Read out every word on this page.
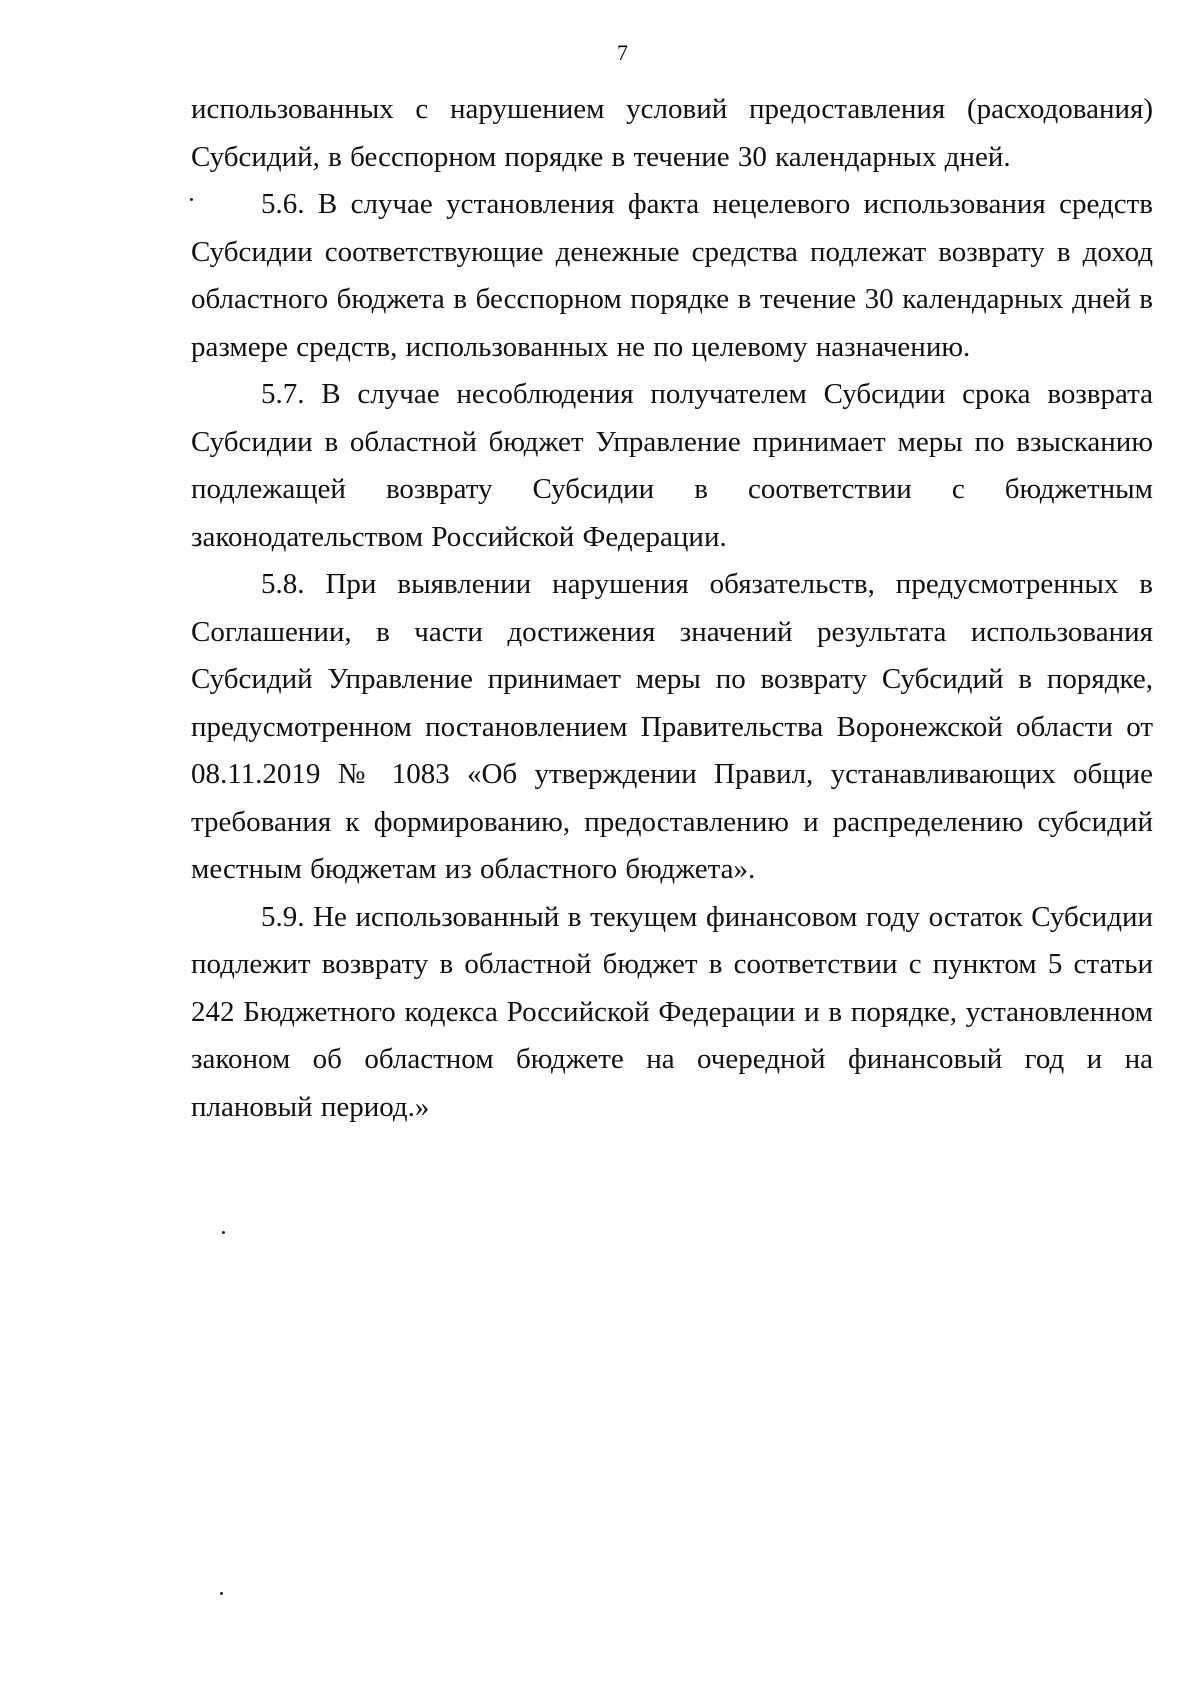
7

использованных с нарушением условий предоставления (расходования) Субсидий, в бесспорном порядке в течение 30 календарных дней.

5.6. В случае установления факта нецелевого использования средств Субсидии соответствующие денежные средства подлежат возврату в доход областного бюджета в бесспорном порядке в течение 30 календарных дней в размере средств, использованных не по целевому назначению.

5.7. В случае несоблюдения получателем Субсидии срока возврата Субсидии в областной бюджет Управление принимает меры по взысканию подлежащей возврату Субсидии в соответствии с бюджетным законодательством Российской Федерации.

5.8. При выявлении нарушения обязательств, предусмотренных в Соглашении, в части достижения значений результата использования Субсидий Управление принимает меры по возврату Субсидий в порядке, предусмотренном постановлением Правительства Воронежской области от 08.11.2019 № 1083 «Об утверждении Правил, устанавливающих общие требования к формированию, предоставлению и распределению субсидий местным бюджетам из областного бюджета».

5.9. Не использованный в текущем финансовом году остаток Субсидии подлежит возврату в областной бюджет в соответствии с пунктом 5 статьи 242 Бюджетного кодекса Российской Федерации и в порядке, установленном законом об областном бюджете на очередной финансовый год и на плановый период.»
